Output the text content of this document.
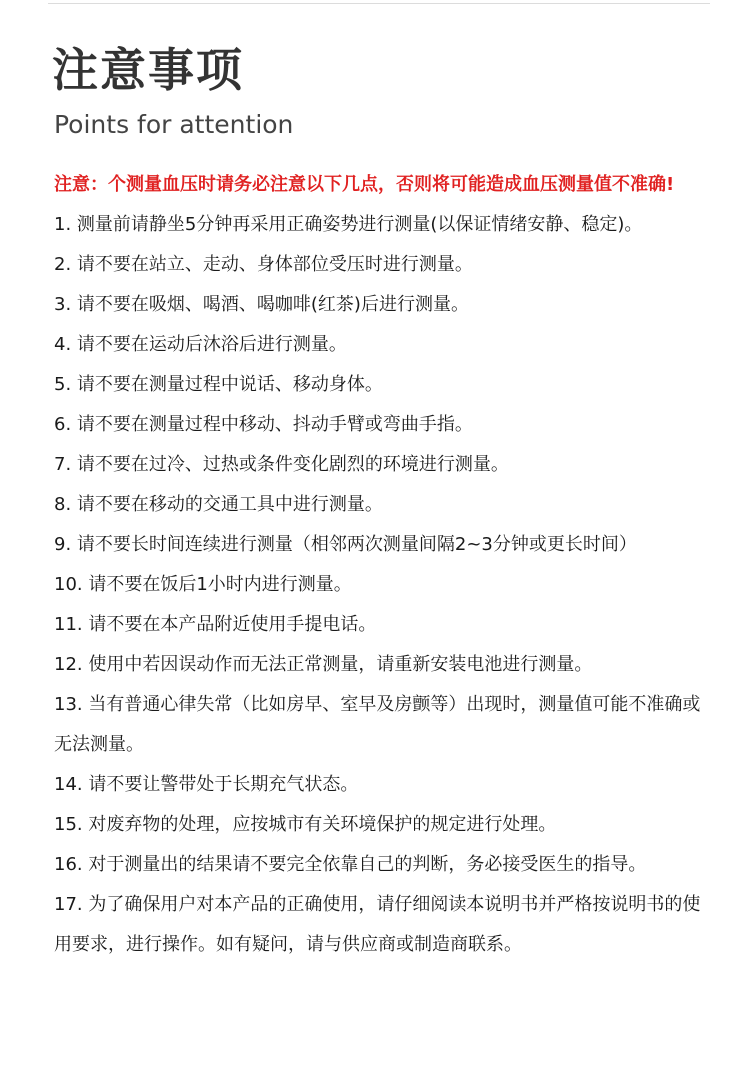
注意事项
Points for attention

注意：个测量血压时请务必注意以下几点，否则将可能造成血压测量值不准确!

1. 测量前请静坐5分钟再采用正确姿势进行测量(以保证情绪安静、稳定)。
2. 请不要在站立、走动、身体部位受压时进行测量。
3. 请不要在吸烟、喝酒、喝咖啡(红茶)后进行测量。
4. 请不要在运动后沐浴后进行测量。
5. 请不要在测量过程中说话、移动身体。
6. 请不要在测量过程中移动、抖动手臂或弯曲手指。
7. 请不要在过冷、过热或条件变化剧烈的环境进行测量。
8. 请不要在移动的交通工具中进行测量。
9. 请不要长时间连续进行测量（相邻两次测量间隔2~3分钟或更长时间）
10. 请不要在饭后1小时内进行测量。
11. 请不要在本产品附近使用手提电话。
12. 使用中若因误动作而无法正常测量，请重新安装电池进行测量。
13. 当有普通心律失常（比如房早、室早及房颤等）出现时，测量值可能不准确或无法测量。
14. 请不要让警带处于长期充气状态。
15. 对废弃物的处理，应按城市有关环境保护的规定进行处理。
16. 对于测量出的结果请不要完全依靠自己的判断，务必接受医生的指导。
17. 为了确保用户对本产品的正确使用，请仔细阅读本说明书并严格按说明书的使用要求，进行操作。如有疑问，请与供应商或制造商联系。
